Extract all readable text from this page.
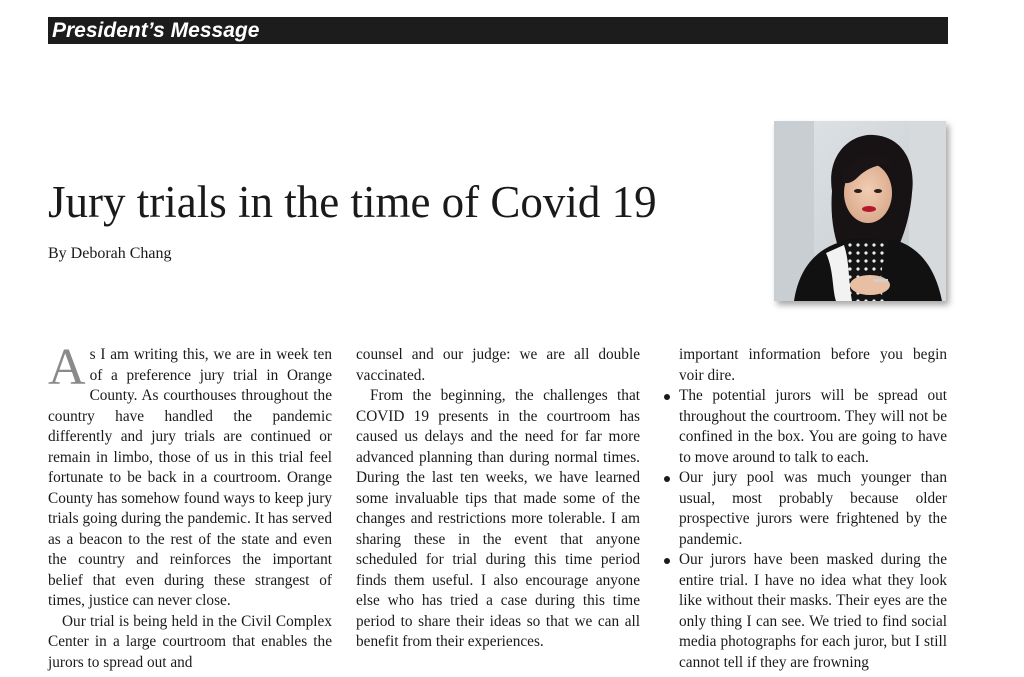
President’s Message
Jury trials in the time of Covid 19
By Deborah Chang

As I am writing this, we are in week ten of a preference jury trial in Orange County. As courthouses throughout the country have handled the pandemic differently and jury trials are continued or remain in limbo, those of us in this trial feel fortunate to be back in a courtroom. Orange County has somehow found ways to keep jury trials going during the pandemic. It has served as a beacon to the rest of the state and even the country and reinforces the important belief that even during these strangest of times, justice can never close.

Our trial is being held in the Civil Complex Center in a large courtroom that enables the jurors to spread out and

counsel and our judge: we are all double vaccinated.

From the beginning, the challenges that COVID 19 presents in the courtroom has caused us delays and the need for far more advanced planning than during normal times. During the last ten weeks, we have learned some invaluable tips that made some of the changes and restrictions more tolerable. I am sharing these in the event that anyone scheduled for trial during this time period finds them useful. I also encourage anyone else who has tried a case during this time period to share their ideas so that we can all benefit from their experiences.

important information before you begin voir dire.

The potential jurors will be spread out throughout the courtroom. They will not be confined in the box. You are going to have to move around to talk to each.
Our jury pool was much younger than usual, most probably because older prospective jurors were frightened by the pandemic.
Our jurors have been masked during the entire trial. I have no idea what they look like without their masks. Their eyes are the only thing I can see. We tried to find social media photographs for each juror, but I still cannot tell if they are frowning
